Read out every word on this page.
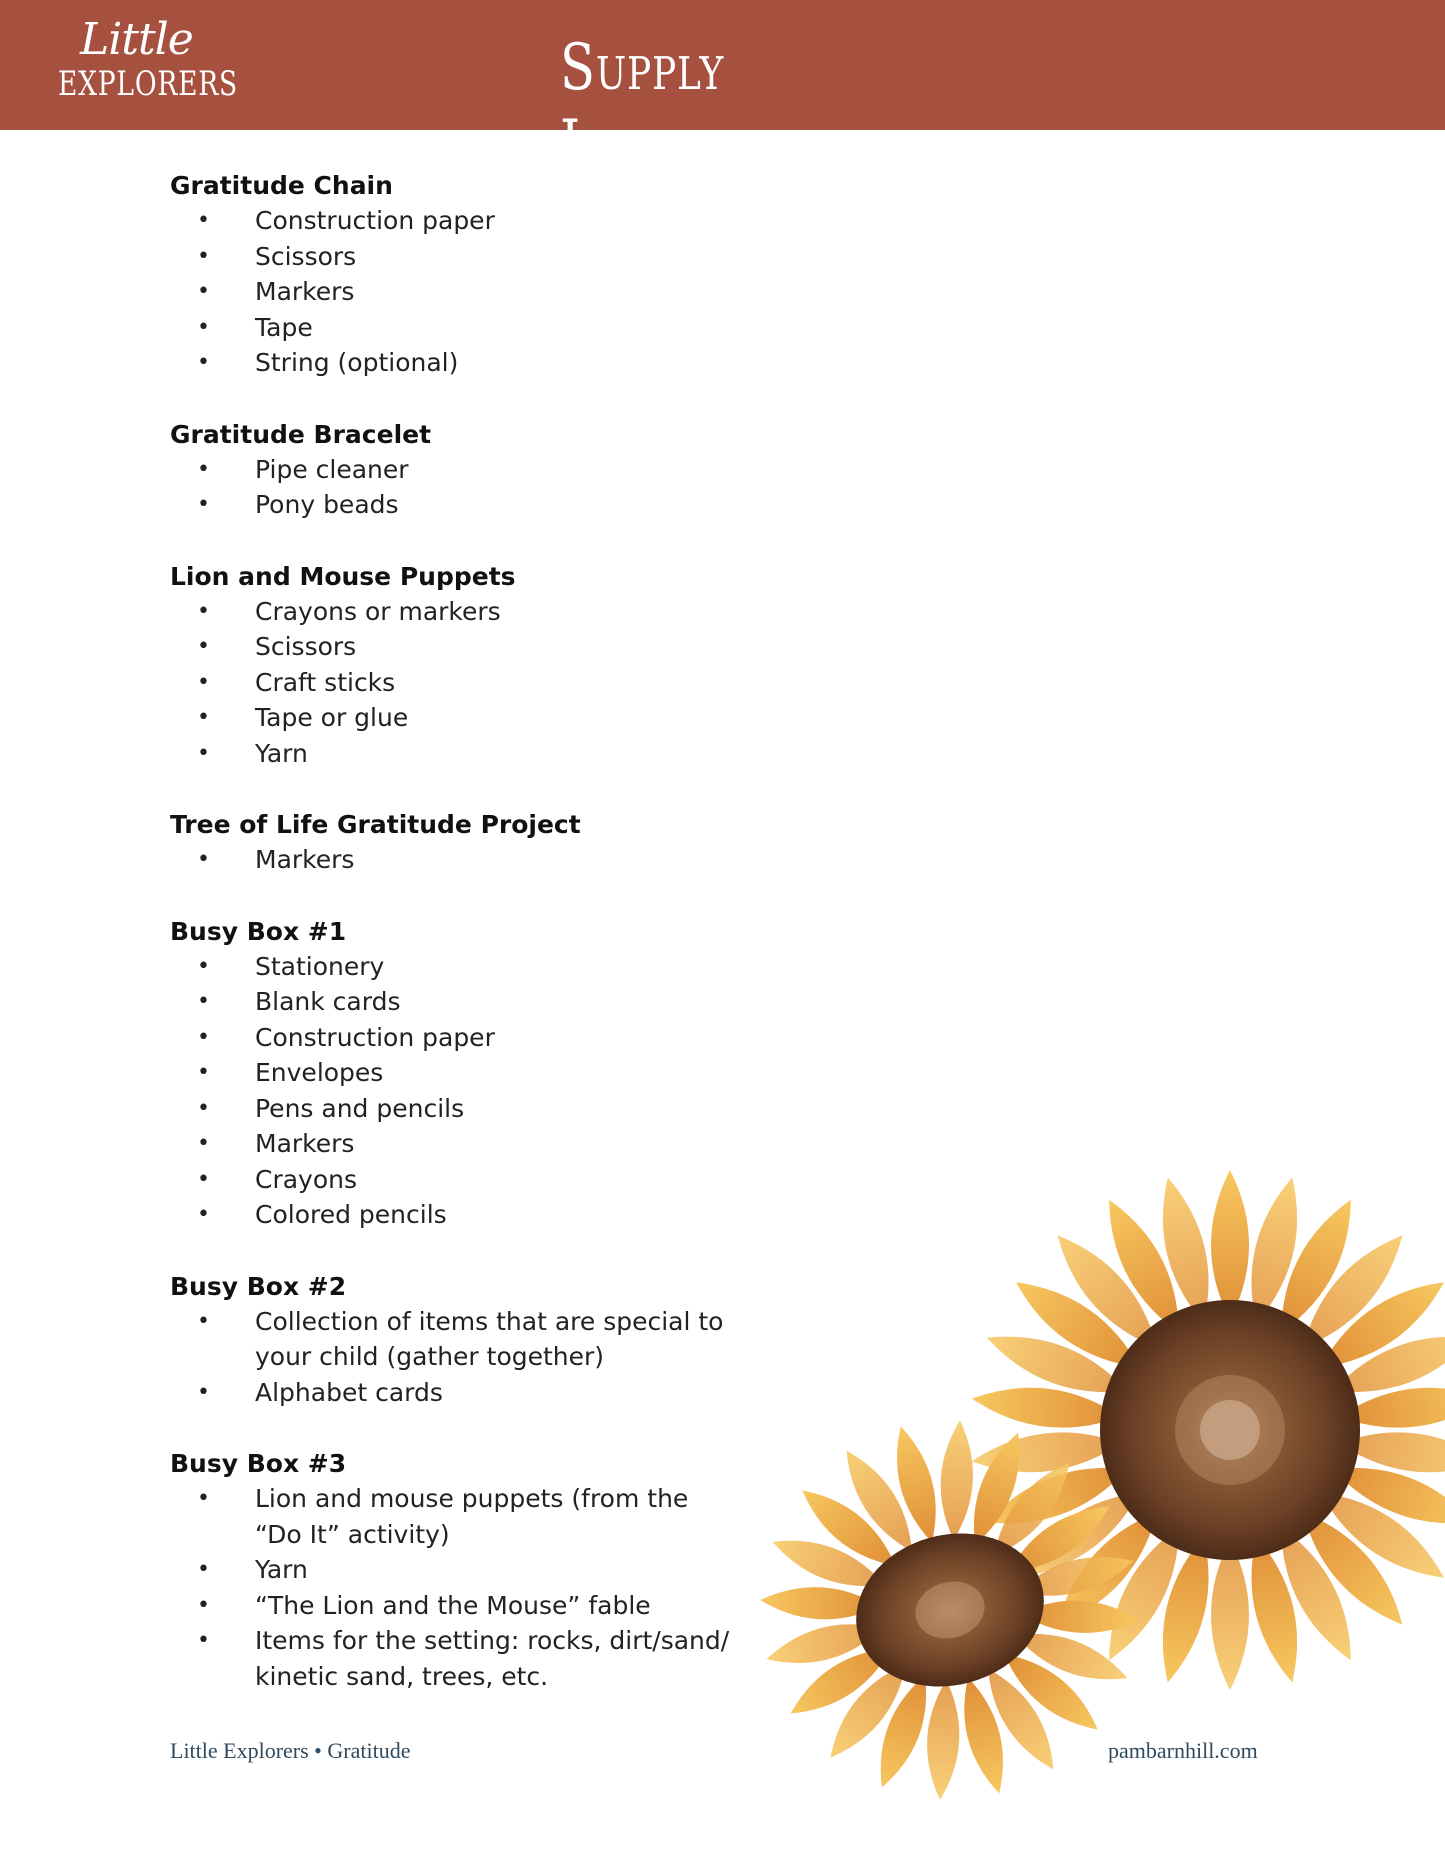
Little
EXPLORERS	Supply List
Gratitude Chain
• Construction paper
• Scissors
• Markers
• Tape
• String (optional)
Gratitude Bracelet
• Pipe cleaner
• Pony beads
Lion and Mouse Puppets
• Crayons or markers
• Scissors
• Craft sticks
• Tape or glue
• Yarn
Tree of Life Gratitude Project
• Markers
Busy Box #1
• Stationery
• Blank cards
• Construction paper
• Envelopes
• Pens and pencils
• Markers
• Crayons
• Colored pencils
Busy Box #2
• Collection of items that are special to your child (gather together)
• Alphabet cards
Busy Box #3
• Lion and mouse puppets (from the “Do It” activity)
• Yarn
• “The Lion and the Mouse” fable
• Items for the setting: rocks, dirt/sand/ kinetic sand, trees, etc.
Little Explorers • Gratitude	pambarnhill.com
